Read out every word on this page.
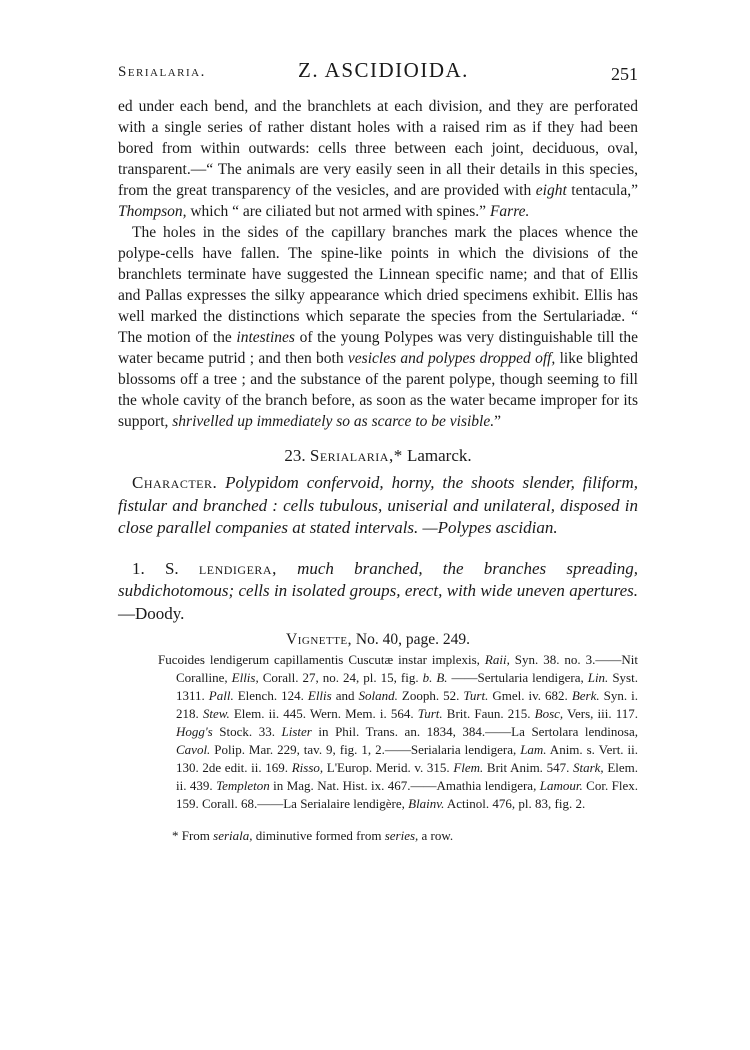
Serialaria.	Z. ASCIDIOIDA.	251

ed under each bend, and the branchlets at each division, and they are perforated with a single series of rather distant holes with a raised rim as if they had been bored from within outwards: cells three between each joint, deciduous, oval, transparent.—“ The animals are very easily seen in all their details in this species, from the great transparency of the vesicles, and are provided with eight tentacula,” Thompson, which “ are ciliated but not armed with spines.” Farre.

The holes in the sides of the capillary branches mark the places whence the polype-cells have fallen. The spine-like points in which the divisions of the branchlets terminate have suggested the Linnean specific name; and that of Ellis and Pallas expresses the silky appearance which dried specimens exhibit. Ellis has well marked the distinctions which separate the species from the Sertulariadæ. “ The motion of the intestines of the young Polypes was very distinguishable till the water became putrid ; and then both vesicles and polypes dropped off, like blighted blossoms off a tree ; and the substance of the parent polype, though seeming to fill the whole cavity of the branch before, as soon as the water became improper for its support, shrivelled up immediately so as scarce to be visible.”

23. Serialaria,* Lamarck.

Character. Polypidom confervoid, horny, the shoots slender, filiform, fistular and branched : cells tubulous, uniserial and unilateral, disposed in close parallel companies at stated intervals. —Polypes ascidian.

1. S. lendigera, much branched, the branches spreading, subdichotomous; cells in isolated groups, erect, with wide uneven apertures.—Doody.

Vignette, No. 40, page. 249.

Fucoides lendigerum capillamentis Cuscutæ instar implexis, Raii, Syn. 38. no. 3.——Nit Coralline, Ellis, Corall. 27, no. 24, pl. 15, fig. b. B. ——Sertularia lendigera, Lin. Syst. 1311. Pall. Elench. 124. Ellis and Soland. Zooph. 52. Turt. Gmel. iv. 682. Berk. Syn. i. 218. Stew. Elem. ii. 445. Wern. Mem. i. 564. Turt. Brit. Faun. 215. Bosc, Vers, iii. 117. Hogg's Stock. 33. Lister in Phil. Trans. an. 1834, 384.——La Sertolara lendinosa, Cavol. Polip. Mar. 229, tav. 9, fig. 1, 2.——Serialaria lendigera, Lam. Anim. s. Vert. ii. 130. 2de edit. ii. 169. Risso, L'Europ. Merid. v. 315. Flem. Brit Anim. 547. Stark, Elem. ii. 439. Templeton in Mag. Nat. Hist. ix. 467.——Amathia lendigera, Lamour. Cor. Flex. 159. Corall. 68.——La Serialaire lendigère, Blainv. Actinol. 476, pl. 83, fig. 2.

* From seriala, diminutive formed from series, a row.
